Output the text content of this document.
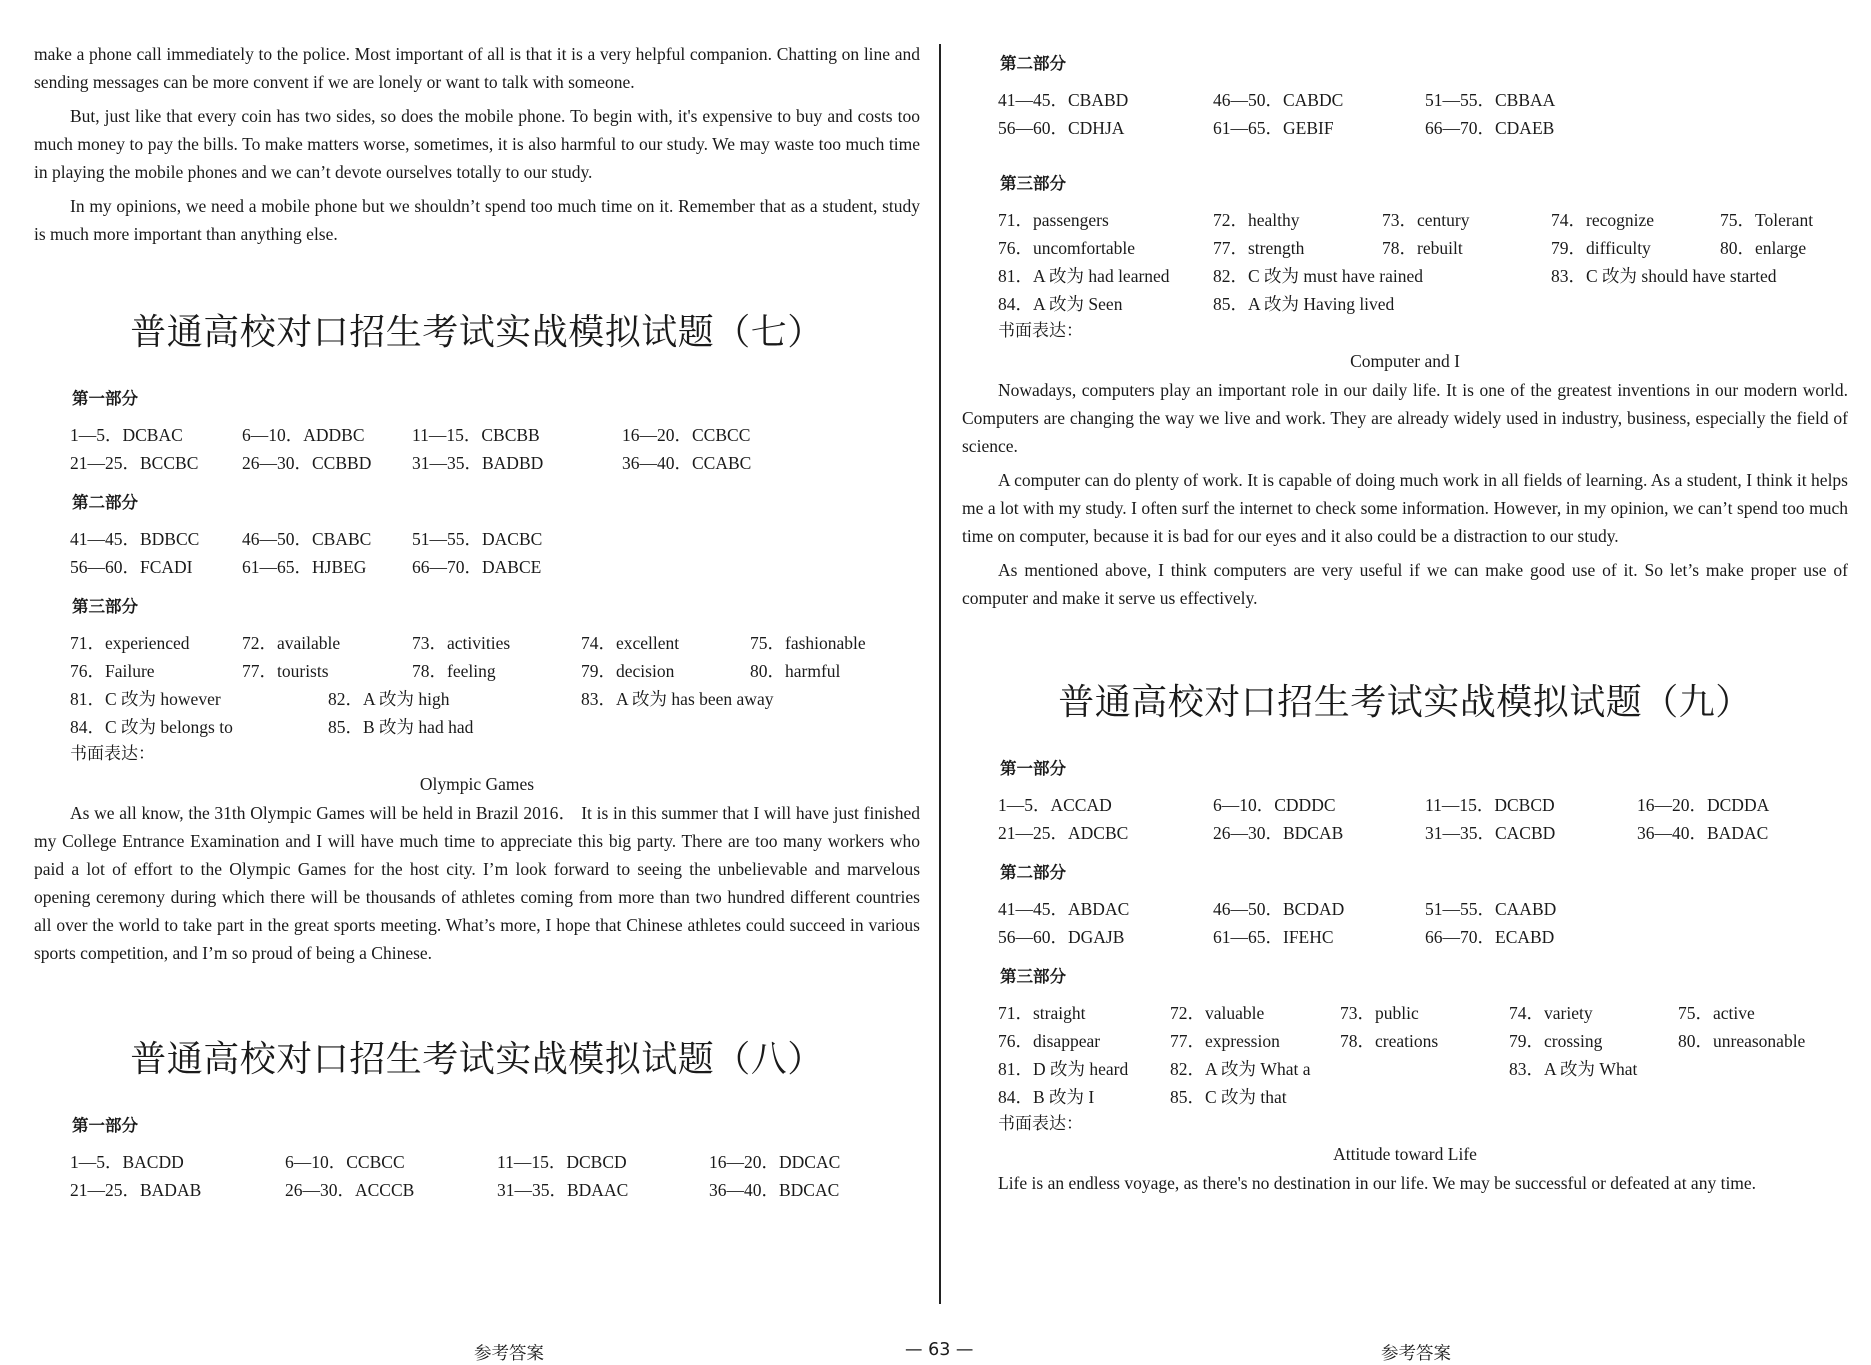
make a phone call immediately to the police. Most important of all is that it is a very helpful companion. Chatting on line and sending messages can be more convent if we are lonely or want to talk with someone.

But, just like that every coin has two sides, so does the mobile phone. To begin with, it's expensive to buy and costs too much money to pay the bills. To make matters worse, sometimes, it is also harmful to our study. We may waste too much time in playing the mobile phones and we can’t devote ourselves totally to our study.

In my opinions, we need a mobile phone but we shouldn’t spend too much time on it. Remember that as a student, study is much more important than anything else.

普通高校对口招生考试实战模拟试题（七）
第一部分
1—5．DCBAC	6—10．ADDBC	11—15．CBCBB	16—20．CCBCC
21—25．BCCBC	26—30．CCBBD	31—35．BADBD	36—40．CCABC
第二部分
41—45．BDBCC	46—50．CBABC	51—55．DACBC
56—60．FCADI	61—65．HJBEG	66—70．DABCE
第三部分
71．experienced	72．available	73．activities	74．excellent	75．fashionable
76．Failure	77．tourists	78．feeling	79．decision	80．harmful
81．C 改为 however	82．A 改为 high	83．A 改为 has been away
84．C 改为 belongs to	85．B 改为 had had
书面表达：
Olympic Games

As we all know, the 31th Olympic Games will be held in Brazil 2016． It is in this summer that I will have just finished my College Entrance Examination and I will have much time to appreciate this big party. There are too many workers who paid a lot of effort to the Olympic Games for the host city. I’m look forward to seeing the unbelievable and marvelous opening ceremony during which there will be thousands of athletes coming from more than two hundred different countries all over the world to take part in the great sports meeting. What’s more, I hope that Chinese athletes could succeed in various sports competition, and I’m so proud of being a Chinese.

普通高校对口招生考试实战模拟试题（八）
第一部分
1—5．BACDD	6—10．CCBCC	11—15．DCBCD	16—20．DDCAC
21—25．BADAB	26—30．ACCCB	31—35．BDAAC	36—40．BDCAC
第二部分
41—45．CBABD	46—50．CABDC	51—55．CBBAA
56—60．CDHJA	61—65．GEBIF	66—70．CDAEB
第三部分
71．passengers	72．healthy	73．century	74．recognize	75．Tolerant
76．uncomfortable	77．strength	78．rebuilt	79．difficulty	80．enlarge
81．A 改为 had learned	82．C 改为 must have rained	83．C 改为 should have started
84．A 改为 Seen	85．A 改为 Having lived
书面表达：
Computer and I

Nowadays, computers play an important role in our daily life. It is one of the greatest inventions in our modern world. Computers are changing the way we live and work. They are already widely used in industry, business, especially the field of science.

A computer can do plenty of work. It is capable of doing much work in all fields of learning. As a student, I think it helps me a lot with my study. I often surf the internet to check some information. However, in my opinion, we can’t spend too much time on computer, because it is bad for our eyes and it also could be a distraction to our study.

As mentioned above, I think computers are very useful if we can make good use of it. So let’s make proper use of computer and make it serve us effectively.

普通高校对口招生考试实战模拟试题（九）
第一部分
1—5．ACCAD	6—10．CDDDC	11—15．DCBCD	16—20．DCDDA
21—25．ADCBC	26—30．BDCAB	31—35．CACBD	36—40．BADAC
第二部分
41—45．ABDAC	46—50．BCDAD	51—55．CAABD
56—60．DGAJB	61—65．IFEHC	66—70．ECABD
第三部分
71．straight	72．valuable	73．public	74．variety	75．active
76．disappear	77．expression	78．creations	79．crossing	80．unreasonable
81．D 改为 heard	82．A 改为 What a	83．A 改为 What
84．B 改为 I	85．C 改为 that
书面表达：
Attitude toward Life

Life is an endless voyage, as there's no destination in our life. We may be successful or defeated at any time.

参考答案	— 63 —	参考答案
